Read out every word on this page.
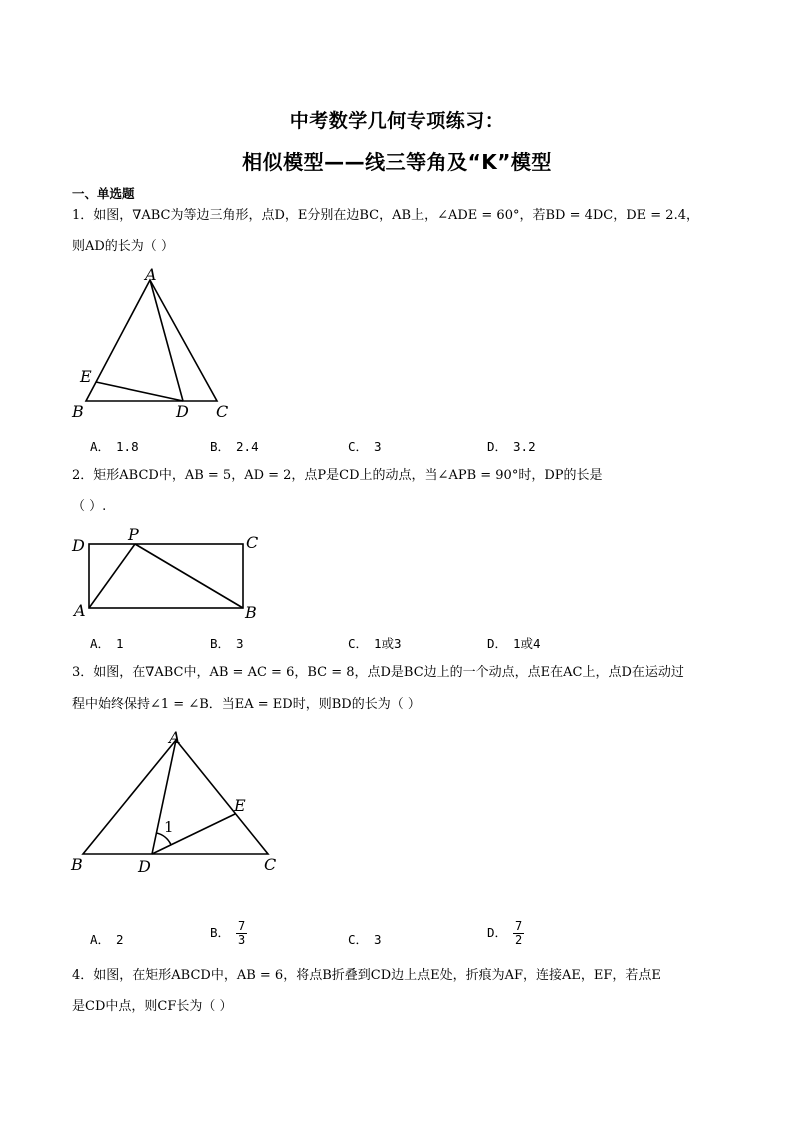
中考数学几何专项练习：
相似模型——线三等角及“K”模型
一、单选题
1．如图，∇ABC为等边三角形，点D，E分别在边BC，AB上，∠ADE = 60°，若BD = 4DC，DE = 2.4，
则AD的长为（ ）
A
E
B	D C
A． 1.8	B． 2.4	C． 3	D． 3.2
2．矩形ABCD中，AB = 5，AD = 2，点P是CD上的动点，当∠APB = 90°时，DP的长是
（ ）.
D
P	C
A	B
A． 1	B． 3	C． 1或3	D． 1或4
3．如图，在∇ABC中，AB = AC = 6，BC = 8，点D是BC边上的一个动点，点E在AC上，点D在运动过
程中始终保持∠1 = ∠B．当EA = ED时，则BD的长为（ ）
A
E
1
B	D	C
A． 2	B． $\frac{7}{3}$	C． 3	D． $\frac{7}{2}$
4．如图，在矩形ABCD中，AB = 6，将点B折叠到CD边上点E处，折痕为AF，连接AE，EF，若点E
是CD中点，则CF长为（ ）
